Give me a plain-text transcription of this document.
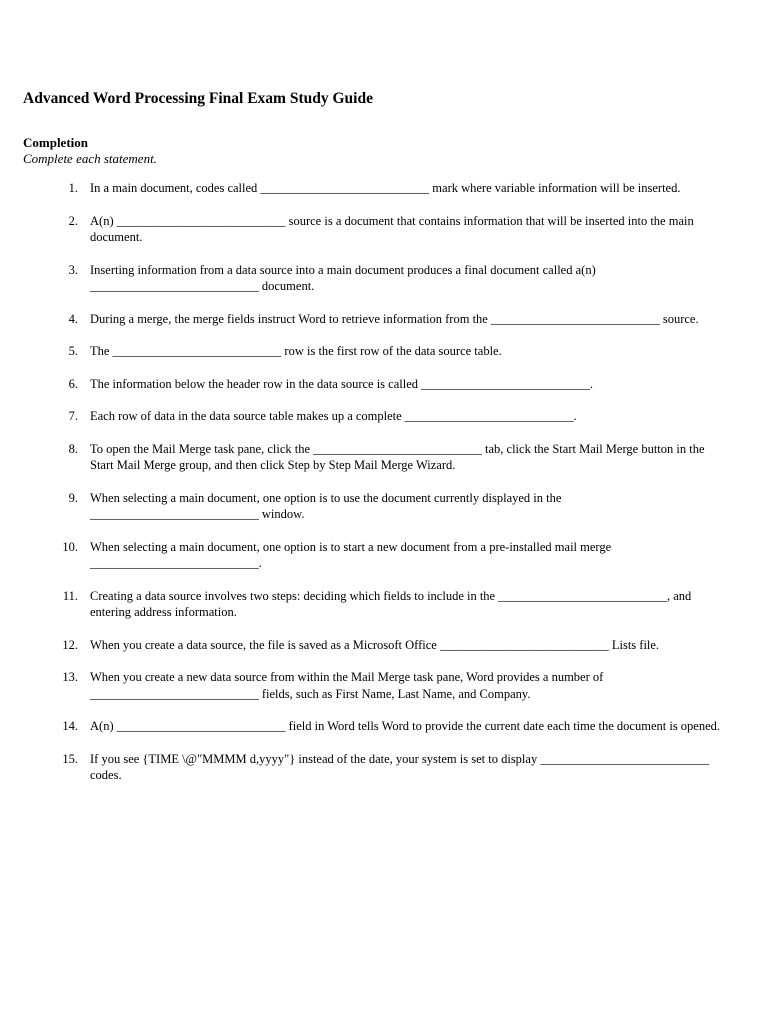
Advanced Word Processing Final Exam Study Guide
Completion
Complete each statement.
1. In a main document, codes called ___________________________ mark where variable information will be inserted.
2. A(n) ___________________________ source is a document that contains information that will be inserted into the main document.
3. Inserting information from a data source into a main document produces a final document called a(n) ___________________________ document.
4. During a merge, the merge fields instruct Word to retrieve information from the ___________________________ source.
5. The ___________________________ row is the first row of the data source table.
6. The information below the header row in the data source is called ___________________________.
7. Each row of data in the data source table makes up a complete ___________________________.
8. To open the Mail Merge task pane, click the ___________________________ tab, click the Start Mail Merge button in the Start Mail Merge group, and then click Step by Step Mail Merge Wizard.
9. When selecting a main document, one option is to use the document currently displayed in the ___________________________ window.
10. When selecting a main document, one option is to start a new document from a pre-installed mail merge ___________________________.
11. Creating a data source involves two steps: deciding which fields to include in the ___________________________, and entering address information.
12. When you create a data source, the file is saved as a Microsoft Office ___________________________ Lists file.
13. When you create a new data source from within the Mail Merge task pane, Word provides a number of ___________________________ fields, such as First Name, Last Name, and Company.
14. A(n) ___________________________ field in Word tells Word to provide the current date each time the document is opened.
15. If you see {TIME \@"MMMM d,yyyy"} instead of the date, your system is set to display ___________________________ codes.
